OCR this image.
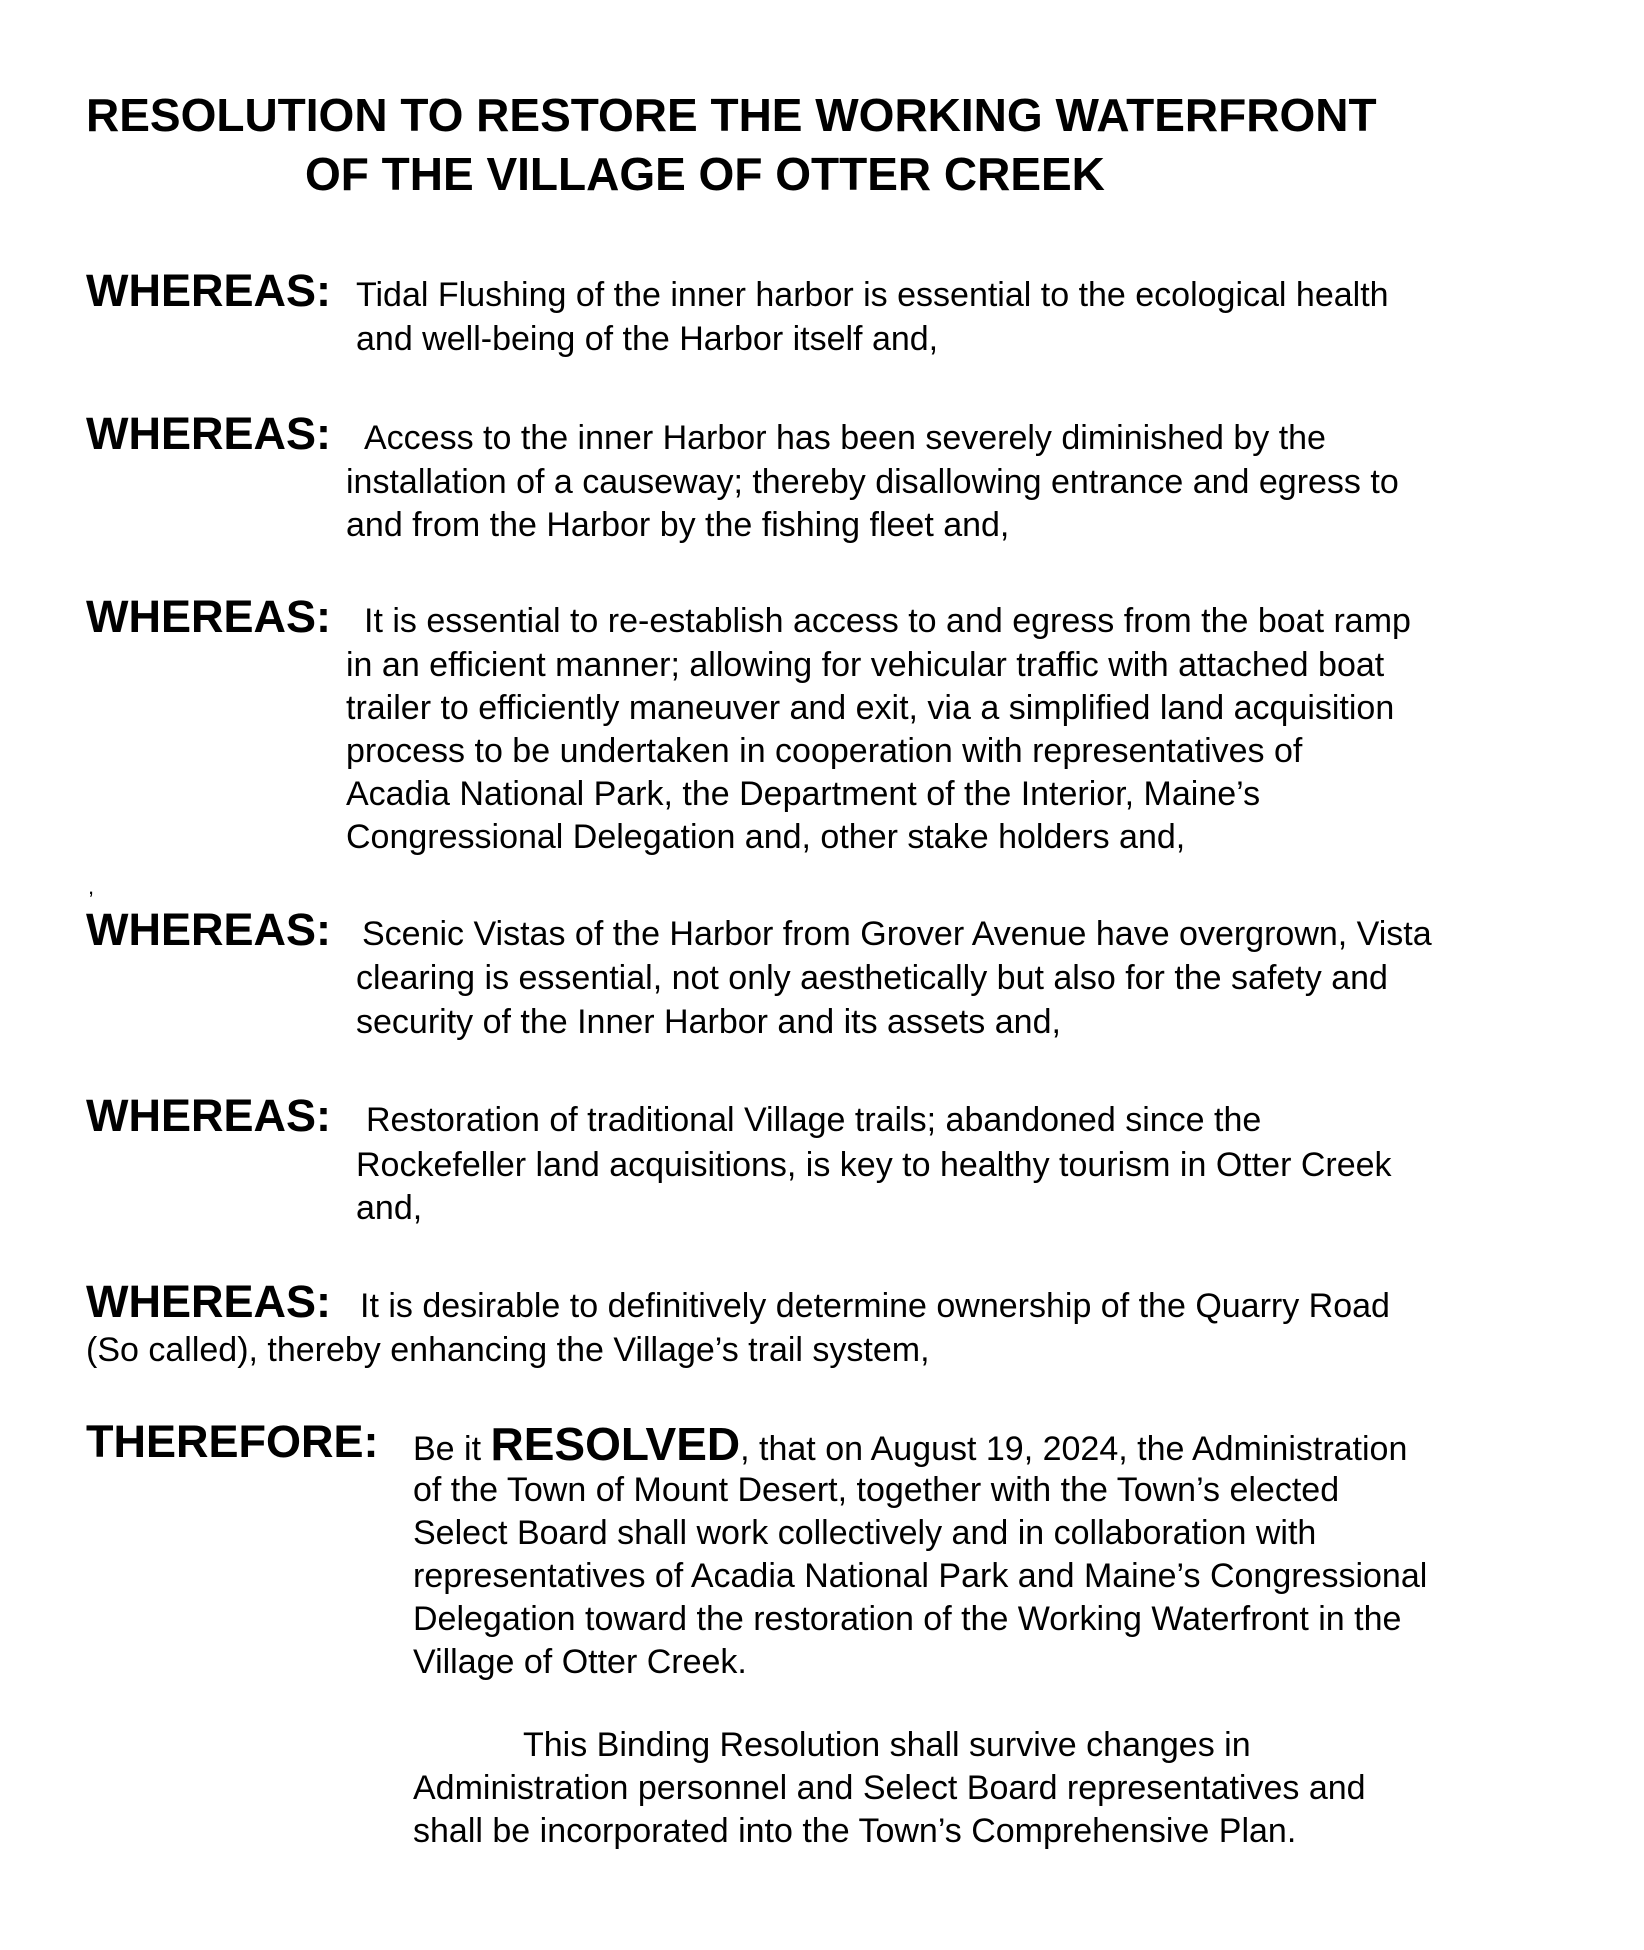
RESOLUTION TO RESTORE THE WORKING WATERFRONT
OF THE VILLAGE OF OTTER CREEK
WHEREAS: Tidal Flushing of the inner harbor is essential to the ecological health
and well-being of the Harbor itself and,
WHEREAS: Access to the inner Harbor has been severely diminished by the
installation of a causeway; thereby disallowing entrance and egress to
and from the Harbor by the fishing fleet and,
WHEREAS: It is essential to re-establish access to and egress from the boat ramp
in an efficient manner; allowing for vehicular traffic with attached boat
trailer to efficiently maneuver and exit, via a simplified land acquisition
process to be undertaken in cooperation with representatives of
Acadia National Park, the Department of the Interior, Maine’s
Congressional Delegation and, other stake holders and,
,
WHEREAS: Scenic Vistas of the Harbor from Grover Avenue have overgrown, Vista
clearing is essential, not only aesthetically but also for the safety and
security of the Inner Harbor and its assets and,
WHEREAS: Restoration of traditional Village trails; abandoned since the
Rockefeller land acquisitions, is key to healthy tourism in Otter Creek
and,
WHEREAS: It is desirable to definitively determine ownership of the Quarry Road
(So called), thereby enhancing the Village’s trail system,
THEREFORE: Be it RESOLVED, that on August 19, 2024, the Administration
of the Town of Mount Desert, together with the Town’s elected
Select Board shall work collectively and in collaboration with
representatives of Acadia National Park and Maine’s Congressional
Delegation toward the restoration of the Working Waterfront in the
Village of Otter Creek.
This Binding Resolution shall survive changes in
Administration personnel and Select Board representatives and
shall be incorporated into the Town’s Comprehensive Plan.
